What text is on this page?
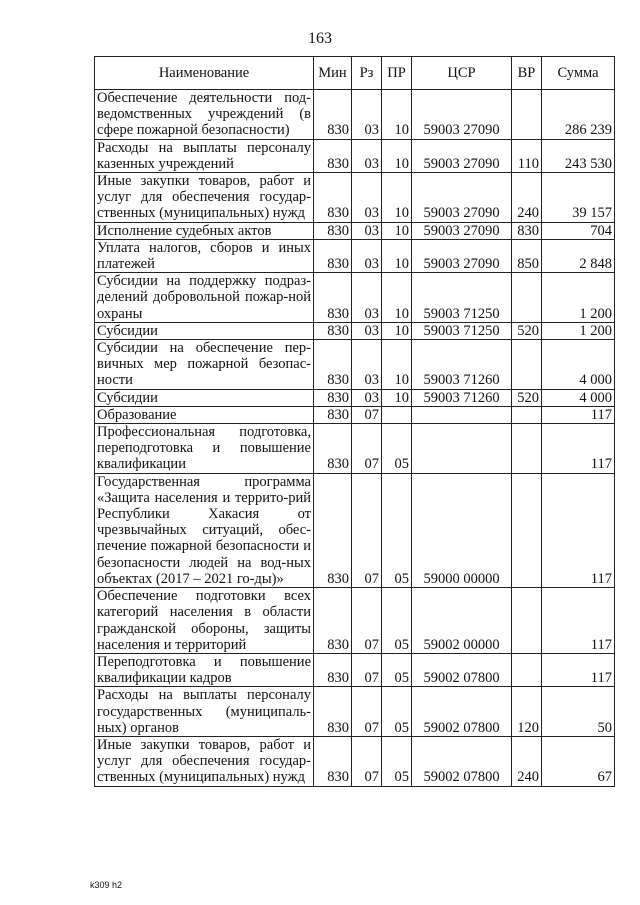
163
Наименование	Мин	Рз	ПР	ЦСР	ВР	Сумма
Обеспечение деятельности под-ведомственных учреждений (в сфере пожарной безопасности)	830	03	10	59003 27090		286 239
Расходы на выплаты персоналу казенных учреждений	830	03	10	59003 27090	110	243 530
Иные закупки товаров, работ и услуг для обеспечения государ-ственных (муниципальных) нужд	830	03	10	59003 27090	240	39 157
Исполнение судебных актов	830	03	10	59003 27090	830	704
Уплата налогов, сборов и иных платежей	830	03	10	59003 27090	850	2 848
Субсидии на поддержку подраз-делений добровольной пожар-ной охраны	830	03	10	59003 71250		1 200
Субсидии	830	03	10	59003 71250	520	1 200
Субсидии на обеспечение пер-вичных мер пожарной безопас-ности	830	03	10	59003 71260		4 000
Субсидии	830	03	10	59003 71260	520	4 000
Образование	830	07				117
Профессиональная подготовка, переподготовка и повышение квалификации	830	07	05			117
Государственная программа «Защита населения и террито-рий Республики Хакасия от чрезвычайных ситуаций, обес-печение пожарной безопасности и безопасности людей на вод-ных объектах (2017 – 2021 го-ды)»	830	07	05	59000 00000		117
Обеспечение подготовки всех категорий населения в области гражданской обороны, защиты населения и территорий	830	07	05	59002 00000		117
Переподготовка и повышение квалификации кадров	830	07	05	59002 07800		117
Расходы на выплаты персоналу государственных (муниципаль-ных) органов	830	07	05	59002 07800	120	50
Иные закупки товаров, работ и услуг для обеспечения государ-ственных (муниципальных) нужд	830	07	05	59002 07800	240	67
k309 h2
